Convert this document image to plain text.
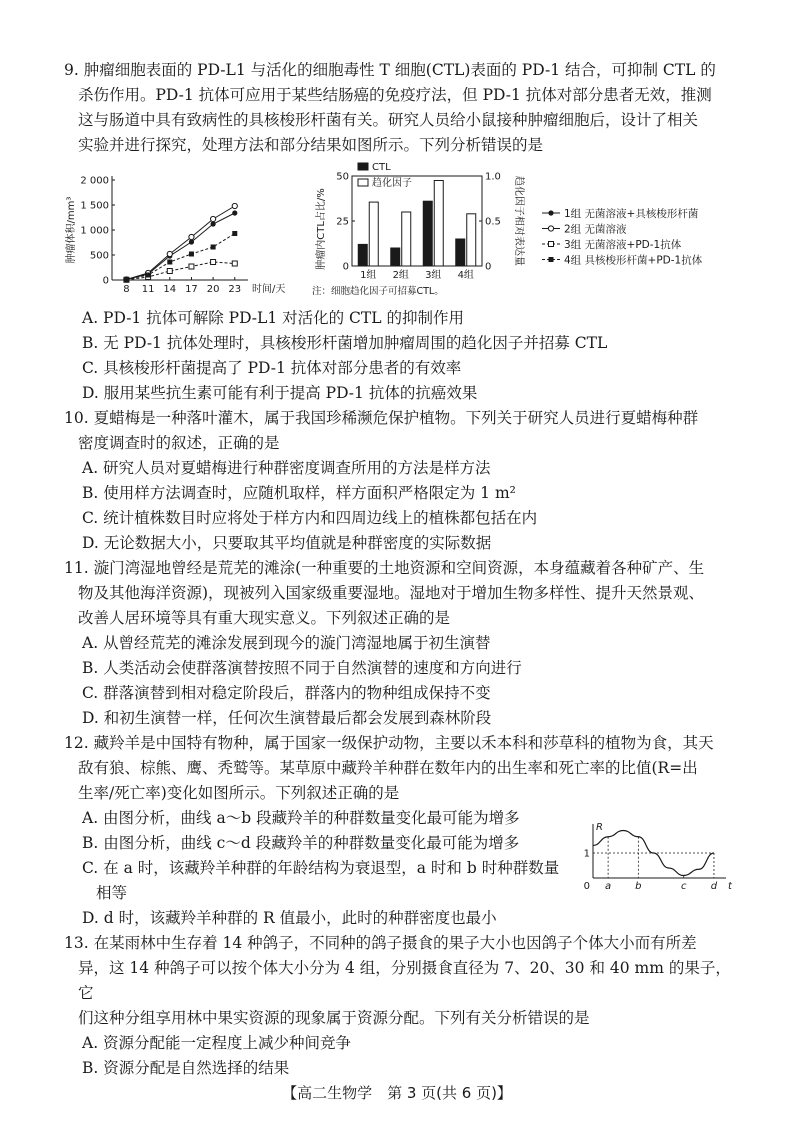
9. 肿瘤细胞表面的 PD-L1 与活化的细胞毒性 T 细胞(CTL)表面的 PD-1 结合，可抑制 CTL 的
杀伤作用。PD-1 抗体可应用于某些结肠癌的免疫疗法，但 PD-1 抗体对部分患者无效，推测
这与肠道中具有致病性的具核梭形杆菌有关。研究人员给小鼠接种肿瘤细胞后，设计了相关
实验并进行探究，处理方法和部分结果如图所示。下列分析错误的是
0
500
1 000
1 500
2 000
8 11 14 17 20 23 时间/天
肿瘤体积/mm³
0
25
50
0
0.5
1.0
肿瘤内CTL占比/%	趋化因子相对表达量
1组 2组 3组 4组
CTL
趋化因子
注：细胞趋化因子可招募CTL。
1组 无菌溶液+具核梭形杆菌
2组 无菌溶液
3组 无菌溶液+PD-1抗体
4组 具核梭形杆菌+PD-1抗体
A. PD-1 抗体可解除 PD-L1 对活化的 CTL 的抑制作用
B. 无 PD-1 抗体处理时，具核梭形杆菌增加肿瘤周围的趋化因子并招募 CTL
C. 具核梭形杆菌提高了 PD-1 抗体对部分患者的有效率
D. 服用某些抗生素可能有利于提高 PD-1 抗体的抗癌效果
10. 夏蜡梅是一种落叶灌木，属于我国珍稀濒危保护植物。下列关于研究人员进行夏蜡梅种群
密度调查时的叙述，正确的是
A. 研究人员对夏蜡梅进行种群密度调查所用的方法是样方法
B. 使用样方法调查时，应随机取样，样方面积严格限定为 1 m²
C. 统计植株数目时应将处于样方内和四周边线上的植株都包括在内
D. 无论数据大小，只要取其平均值就是种群密度的实际数据
11. 漩门湾湿地曾经是荒芜的滩涂(一种重要的土地资源和空间资源，本身蕴藏着各种矿产、生
物及其他海洋资源)，现被列入国家级重要湿地。湿地对于增加生物多样性、提升天然景观、
改善人居环境等具有重大现实意义。下列叙述正确的是
A. 从曾经荒芜的滩涂发展到现今的漩门湾湿地属于初生演替
B. 人类活动会使群落演替按照不同于自然演替的速度和方向进行
C. 群落演替到相对稳定阶段后，群落内的物种组成保持不变
D. 和初生演替一样，任何次生演替最后都会发展到森林阶段
12. 藏羚羊是中国特有物种，属于国家一级保护动物，主要以禾本科和莎草科的植物为食，其天
敌有狼、棕熊、鹰、秃鹫等。某草原中藏羚羊种群在数年内的出生率和死亡率的比值(R=出
生率/死亡率)变化如图所示。下列叙述正确的是
A. 由图分析，曲线 a～b 段藏羚羊的种群数量变化最可能为增多
B. 由图分析，曲线 c～d 段藏羚羊的种群数量变化最可能为增多
C. 在 a 时，该藏羚羊种群的年龄结构为衰退型，a 时和 b 时种群数量
相等
D. d 时，该藏羚羊种群的 R 值最小，此时的种群密度也最小
R
t
0
1
a b	c d
13. 在某雨林中生存着 14 种鸽子，不同种的鸽子摄食的果子大小也因鸽子个体大小而有所差
异，这 14 种鸽子可以按个体大小分为 4 组，分别摄食直径为 7、20、30 和 40 mm 的果子，它
们这种分组享用林中果实资源的现象属于资源分配。下列有关分析错误的是
A. 资源分配能一定程度上减少种间竞争
B. 资源分配是自然选择的结果
【高二生物学　第 3 页(共 6 页)】
